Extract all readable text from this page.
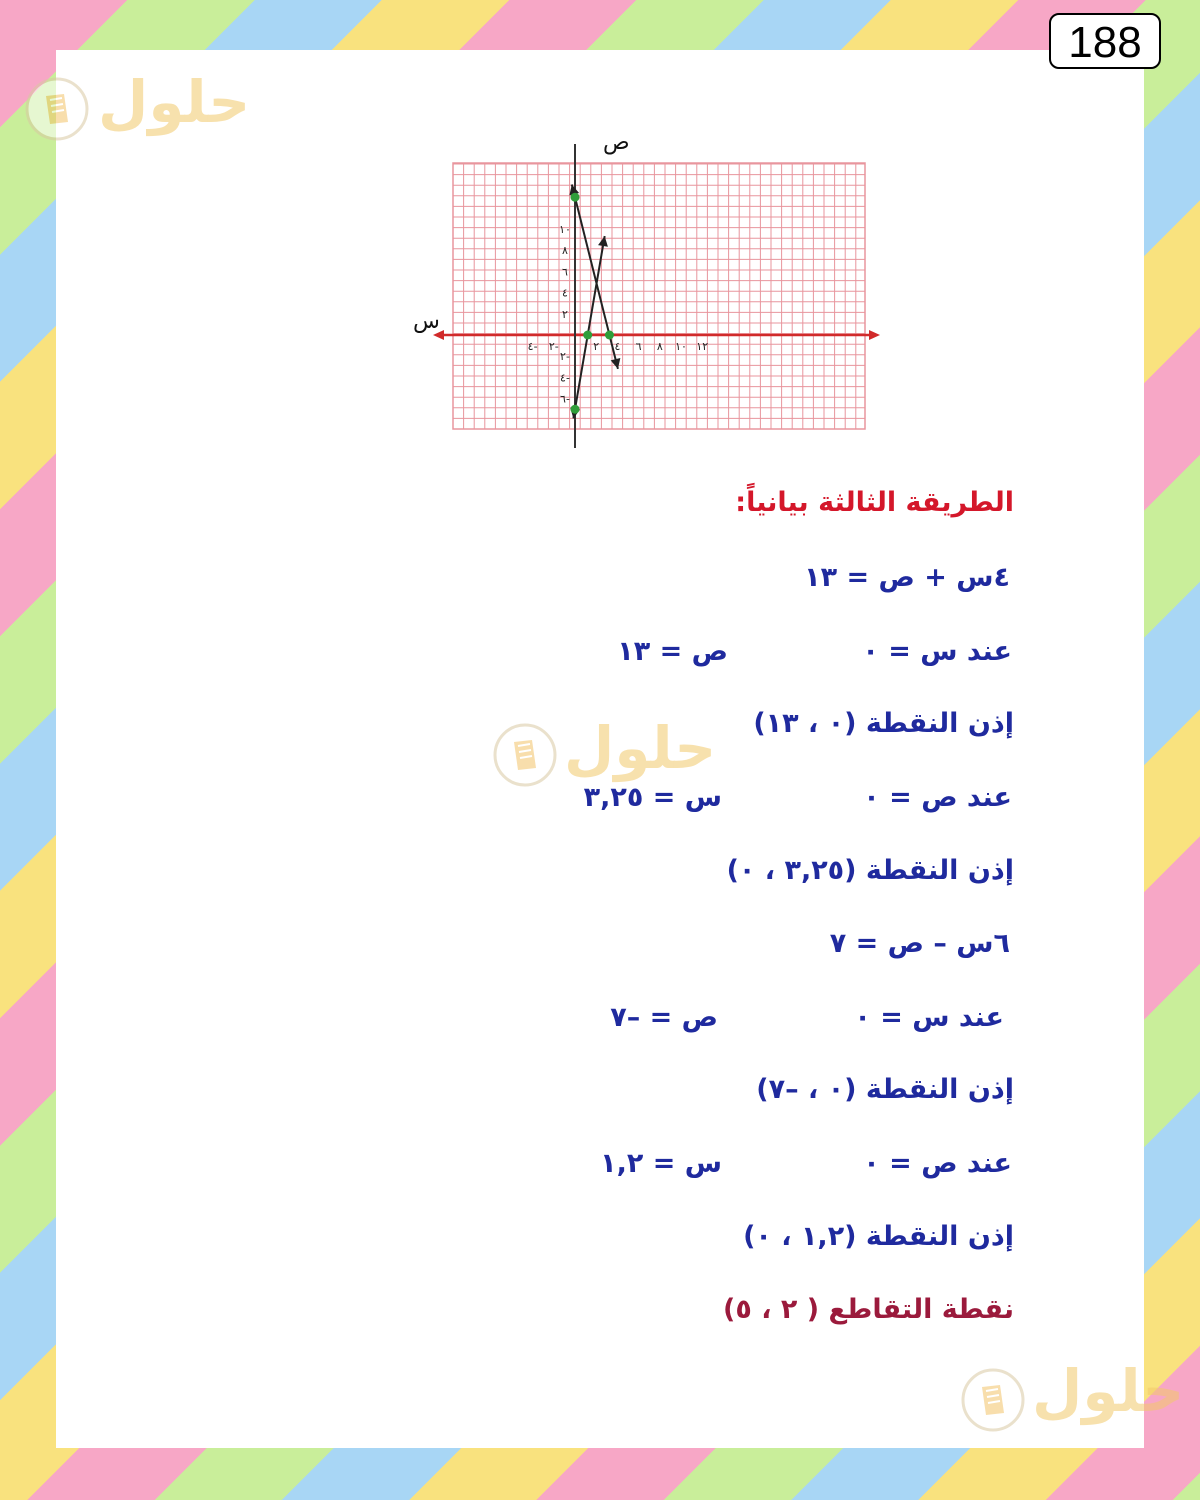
188
حلول
حلول
حلول
٢ ٤ ٦ ٨ ١٠ ١٢
٢-
٤-
٢
٤
٦
٨
١٠
٢-
٤-
٦-
ص
س
الطريقة الثالثة بيانياً:
٤س + ص = ١٣
عند س = ٠
ص = ١٣
إذن النقطة (٠ ، ١٣)
عند ص = ٠
س = ٣,٢٥
إذن النقطة (٣,٢٥ ، ٠)
٦س – ص = ٧
عند س = ٠
ص = –٧
إذن النقطة (٠ ، –٧)
عند ص = ٠
س = ١,٢
إذن النقطة (١,٢ ، ٠)
نقطة التقاطع ( ٢ ، ٥)
